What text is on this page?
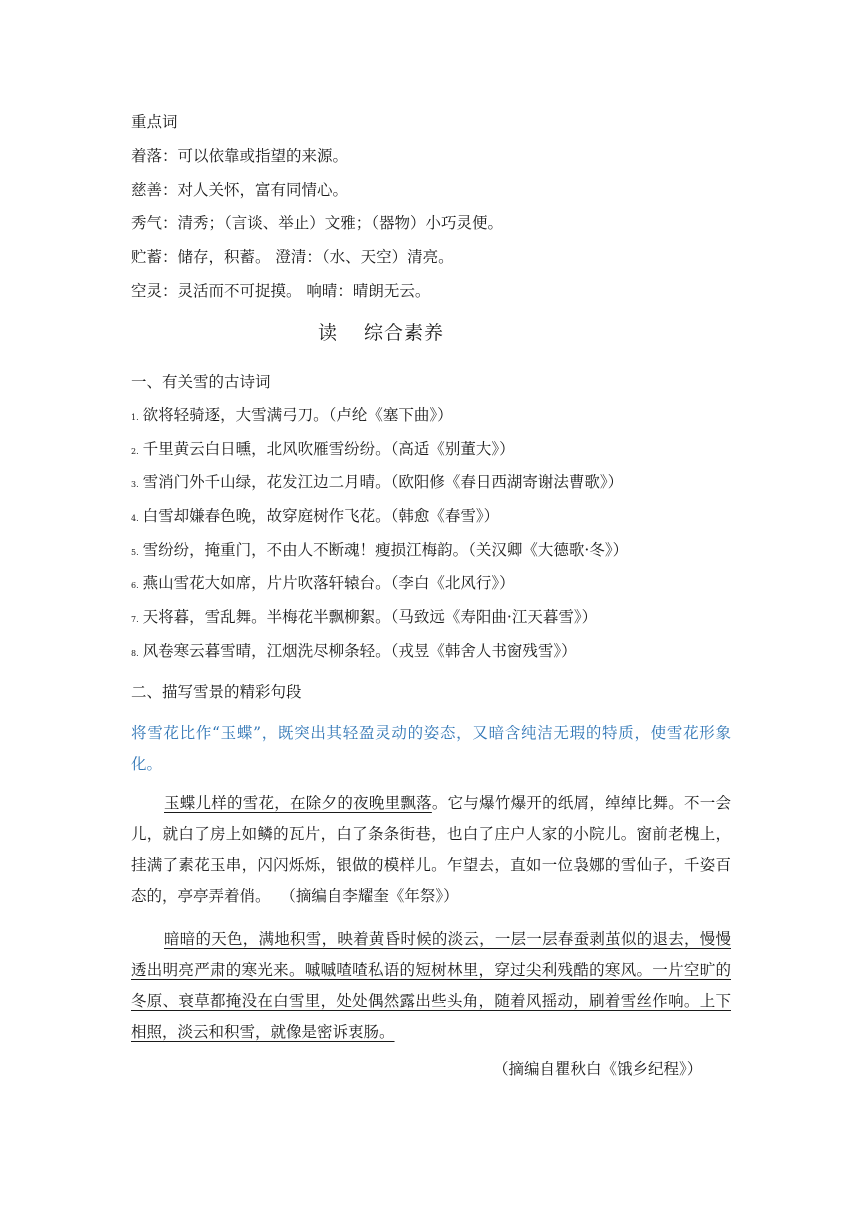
重点词
着落：可以依靠或指望的来源。
慈善：对人关怀，富有同情心。
秀气：清秀；（言谈、举止）文雅；（器物）小巧灵便。
贮蓄：储存，积蓄。 澄清：（水、天空）清亮。
空灵：灵活而不可捉摸。 响晴：晴朗无云。
读 综合素养
一、有关雪的古诗词
1. 欲将轻骑逐，大雪满弓刀。（卢纶《塞下曲》）
2. 千里黄云白日曛，北风吹雁雪纷纷。（高适《别董大》）
3. 雪消门外千山绿，花发江边二月晴。（欧阳修《春日西湖寄谢法曹歌》）
4. 白雪却嫌春色晚，故穿庭树作飞花。（韩愈《春雪》）
5. 雪纷纷，掩重门，不由人不断魂！瘦损江梅韵。（关汉卿《大德歌·冬》）
6. 燕山雪花大如席，片片吹落轩辕台。（李白《北风行》）
7. 天将暮，雪乱舞。半梅花半飘柳絮。（马致远《寿阳曲·江天暮雪》）
8. 风卷寒云暮雪晴，江烟洗尽柳条轻。（戎昱《韩舍人书窗残雪》）
二、描写雪景的精彩句段
将雪花比作“玉蝶”，既突出其轻盈灵动的姿态，又暗含纯洁无瑕的特质，使雪花形象化。
玉蝶儿样的雪花，在除夕的夜晚里飘落。它与爆竹爆开的纸屑，绰绰比舞。不一会儿，就白了房上如鳞的瓦片，白了条条街巷，也白了庄户人家的小院儿。窗前老槐上，挂满了素花玉串，闪闪烁烁，银做的模样儿。乍望去，直如一位袅娜的雪仙子，千姿百态的，亭亭弄着俏。  （摘编自李耀奎《年祭》）
暗暗的天色，满地积雪，映着黄昏时候的淡云，一层一层春蚕剥茧似的退去，慢慢透出明亮严肃的寒光来。嘁嘁喳喳私语的短树林里，穿过尖利残酷的寒风。一片空旷的冬原、衰草都掩没在白雪里，处处偶然露出些头角，随着风摇动，刷着雪丝作响。上下相照，淡云和积雪，就像是密诉衷肠。
（摘编自瞿秋白《饿乡纪程》）
